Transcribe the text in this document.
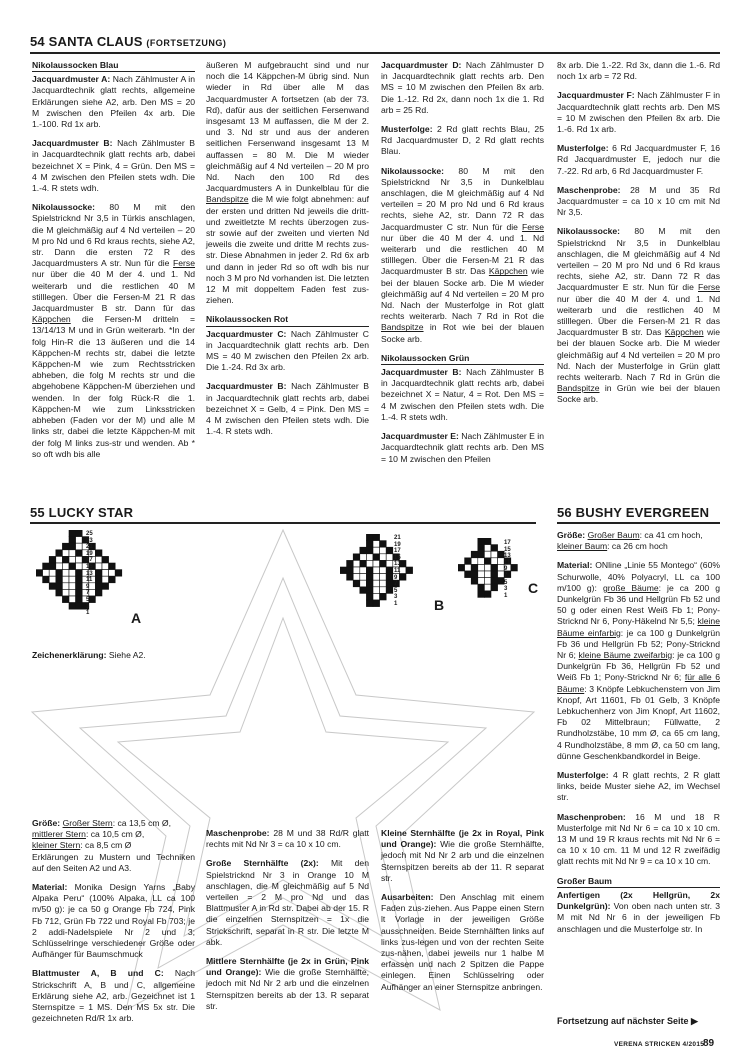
54 SANTA CLAUS (FORTSETZUNG)
Nikolaussocken Blau

Jacquardmuster A: Nach Zählmuster A in Jacquardtechnik glatt rechts, allgemeine Erklärungen siehe A2, arb. Den MS = 20 M zwischen den Pfeilen 4x arb. Die 1.-100. Rd 1x arb.

Jacquardmuster B: Nach Zählmuster B in Jacquardtechnik glatt rechts arb, dabei bezeichnet X = Pink, 4 = Grün. Den MS = 4 M zwischen den Pfeilen stets wdh. Die 1.-4. R stets wdh.

Nikolaussocke: 80 M mit den Spielstricknd Nr 3,5 in Türkis anschlagen, die M gleichmäßig auf 4 Nd verteilen – 20 M pro Nd und 6 Rd kraus rechts, siehe A2, str. Dann die ersten 72 R des Jacquardmusters A str. Nun für die Ferse nur über die 40 M der 4. und 1. Nd weiterarb und die restlichen 40 M stilllegen. Über die Fersen-M 21 R das Jacquardmuster B str. Dann für das Käppchen die Fersen-M dritteln = 13/14/13 M und in Grün weiterarb. *In der folg Hin-R die 13 äußeren und die 14 Käppchen-M rechts str, dabei die letzte Käppchen-M wie zum Rechtsstricken abheben, die folg M rechts str und die abgehobene Käppchen-M überziehen und wenden. In der folg Rück-R die 1. Käppchen-M wie zum Linksstricken abheben (Faden vor der M) und alle M links str, dabei die letzte Käppchen-M mit der folg M links zus-str und wenden. Ab * so oft wdh bis alle

äußeren M aufgebraucht sind und nur noch die 14 Käppchen-M übrig sind. Nun wieder in Rd über alle M das Jacquardmuster A fortsetzen (ab der 73. Rd), dafür aus der seitlichen Fersenwand insgesamt 13 M auffassen, die M der 2. und 3. Nd str und aus der anderen seitlichen Fersenwand insgesamt 13 M auffassen = 80 M. Die M wieder gleichmäßig auf 4 Nd verteilen – 20 M pro Nd. Nach den 100 Rd des Jacquardmusters A in Dunkelblau für die Bandspitze die M wie folgt abnehmen: auf der ersten und dritten Nd jeweils die dritt- und zweitletzte M rechts überzogen zus-str sowie auf der zweiten und vierten Nd jeweils die zweite und dritte M rechts zus-str. Diese Abnahmen in jeder 2. Rd 6x arb und dann in jeder Rd so oft wdh bis nur noch 3 M pro Nd vorhanden ist. Die letzten 12 M mit doppeltem Faden fest zus-ziehen.

Nikolaussocken Rot

Jacquardmuster C: Nach Zählmuster C in Jacquardtechnik glatt rechts arb. Den MS = 40 M zwischen den Pfeilen 2x arb. Die 1.-24. Rd 3x arb.

Jacquardmuster B: Nach Zählmuster B in Jacquardtechnik glatt rechts arb, dabei bezeichnet X = Gelb, 4 = Pink. Den MS = 4 M zwischen den Pfeilen stets wdh. Die 1.-4. R stets wdh.

Jacquardmuster D: Nach Zählmuster D in Jacquardtechnik glatt rechts arb. Den MS = 10 M zwischen den Pfeilen 8x arb. Die 1.-12. Rd 2x, dann noch 1x die 1. Rd arb = 25 Rd.

Musterfolge: 2 Rd glatt rechts Blau, 25 Rd Jacquardmuster D, 2 Rd glatt rechts Blau.

Nikolaussocke: 80 M mit den Spielstricknd Nr 3,5 in Dunkelblau anschlagen, die M gleichmäßig auf 4 Nd verteilen = 20 M pro Nd und 6 Rd kraus rechts, siehe A2, str. Dann 72 R das Jacquardmuster C str. Nun für die Ferse nur über die 40 M der 4. und 1. Nd weiterarb und die restlichen 40 M stilllegen. Über die Fersen-M 21 R das Jacquardmuster B str. Das Käppchen wie bei der blauen Socke arb. Die M wieder gleichmäßig auf 4 Nd verteilen = 20 M pro Nd. Nach der Musterfolge in Rot glatt rechts weiterarb. Nach 7 Rd in Rot die Bandspitze in Rot wie bei der blauen Socke arb.

Nikolaussocken Grün

Jacquardmuster B: Nach Zählmuster B in Jacquardtechnik glatt rechts arb, dabei bezeichnet X = Natur, 4 = Rot. Den MS = 4 M zwischen den Pfeilen stets wdh. Die 1.-4. R stets wdh.

Jacquardmuster E: Nach Zählmuster E in Jacquardtechnik glatt rechts arb. Den MS = 10 M zwischen den Pfeilen

8x arb. Die 1.-22. Rd 3x, dann die 1.-6. Rd noch 1x arb = 72 Rd.

Jacquardmuster F: Nach Zählmuster F in Jacquardtechnik glatt rechts arb. Den MS = 10 M zwischen den Pfeilen 8x arb. Die 1.-6. Rd 1x arb.

Musterfolge: 6 Rd Jacquardmuster F, 16 Rd Jacquardmuster E, jedoch nur die 7.-22. Rd arb, 6 Rd Jacquardmuster F.

Maschenprobe: 28 M und 35 Rd Jacquardmuster = ca 10 x 10 cm mit Nd Nr 3,5.

Nikolaussocke: 80 M mit den Spielstricknd Nr 3,5 in Dunkelblau anschlagen, die M gleichmäßig auf 4 Nd verteilen – 20 M pro Nd und 6 Rd kraus rechts, siehe A2, str. Dann 72 R das Jacquardmuster E str. Nun für die Ferse nur über die 40 M der 4. und 1. Nd weiterarb und die restlichen 40 M stilllegen. Über die Fersen-M 21 R das Jacquardmuster B str. Das Käppchen wie bei der blauen Socke arb. Die M wieder gleichmäßig auf 4 Nd verteilen = 20 M pro Nd. Nach der Musterfolge in Grün glatt rechts weiterarb. Nach 7 Rd in Grün die Bandspitze in Grün wie bei der blauen Socke arb.

55 LUCKY STAR	56 BUSHY EVERGREEN
25
23
21
19
17
15
13
11
9
7
5
3
1	A
21
19
17
15
13
11
9
7
5
3
1	B
17
15
13
11
9
7
5
3
1 C
Zeichenerklärung: Siehe A2.

Größe: Großer Stern: ca 13,5 cm Ø,
mittlerer Stern: ca 10,5 cm Ø,
kleiner Stern: ca 8,5 cm Ø
Erklärungen zu Mustern und Techniken auf den Seiten A2 und A3.

Material: Monika Design Yarns „Baby Alpaka Peru“ (100% Alpaka, LL ca 100 m/50 g): je ca 50 g Orange Fb 724, Pink Fb 712, Grün Fb 722 und Royal Fb 703; je 2 addi-Nadelspiele Nr 2 und 3; Schlüsselringe verschiedener Größe oder Aufhänger für Baumschmuck

Blattmuster A, B und C: Nach Strickschrift A, B und C, allgemeine Erklärung siehe A2, arb. Gezeichnet ist 1 Sternspitze = 1 MS. Den MS 5x str. Die gezeichneten Rd/R 1x arb.

Maschenprobe: 28 M und 38 Rd/R glatt rechts mit Nd Nr 3 = ca 10 x 10 cm.

Große Sternhälfte (2x): Mit den Spielstricknd Nr 3 in Orange 10 M anschlagen, die M gleichmäßig auf 5 Nd verteilen = 2 M pro Nd und das Blattmuster A in Rd str. Dabei ab der 15. R die einzelnen Sternspitzen = 1x die Strickschrift, separat in R str. Die letzte M abk.

Mittlere Sternhälfte (je 2x in Grün, Pink und Orange): Wie die große Sternhälfte, jedoch mit Nd Nr 2 arb und die einzelnen Sternspitzen bereits ab der 13. R separat str.

Kleine Sternhälfte (je 2x in Royal, Pink und Orange): Wie die große Sternhälfte, jedoch mit Nd Nr 2 arb und die einzelnen Sternspitzen bereits ab der 11. R separat str.

Ausarbeiten: Den Anschlag mit einem Faden zus-ziehen. Aus Pappe einen Stern lt Vorlage in der jeweiligen Größe ausschneiden. Beide Sternhälften links auf links zus-legen und von der rechten Seite zus-nähen, dabei jeweils nur 1 halbe M erfassen und nach 2 Spitzen die Pappe einlegen. Einen Schlüsselring oder Aufhänger an einer Sternspitze anbringen.

Größe: Großer Baum: ca 41 cm hoch,
kleiner Baum: ca 26 cm hoch

Material: ONline „Linie 55 Montego“ (60% Schurwolle, 40% Polyacryl, LL ca 100 m/100 g): große Bäume: je ca 200 g Dunkelgrün Fb 36 und Hellgrün Fb 52 und 50 g oder einen Rest Weiß Fb 1; Pony-Stricknd Nr 6, Pony-Häkelnd Nr 5,5; kleine Bäume einfarbig: je ca 100 g Dunkelgrün Fb 36 und Hellgrün Fb 52; Pony-Stricknd Nr 6; kleine Bäume zweifarbig: je ca 100 g Dunkelgrün Fb 36, Hellgrün Fb 52 und Weiß Fb 1; Pony-Stricknd Nr 6; für alle 6 Bäume: 3 Knöpfe Lebkuchenstern von Jim Knopf, Art 11601, Fb 01 Gelb, 3 Knöpfe Lebkuchenherz von Jim Knopf, Art 11602, Fb 02 Mittelbraun; Füllwatte, 2 Rundholzstäbe, 10 mm Ø, ca 65 cm lang, 4 Rundholzstäbe, 8 mm Ø, ca 50 cm lang, dünne Geschenkbandkordel in Beige.

Musterfolge: 4 R glatt rechts, 2 R glatt links, beide Muster siehe A2, im Wechsel str.

Maschenproben: 16 M und 18 R Musterfolge mit Nd Nr 6 = ca 10 x 10 cm. 13 M und 19 R kraus rechts mit Nd Nr 6 = ca 10 x 10 cm. 11 M und 12 R zweifädig glatt rechts mit Nd Nr 9 = ca 10 x 10 cm.

Großer Baum

Anfertigen (2x Hellgrün, 2x Dunkelgrün): Von oben nach unten str. 3 M mit Nd Nr 6 in der jeweiligen Fb anschlagen und die Musterfolge str. In

Fortsetzung auf nächster Seite ▶
VERENA STRICKEN 4/2015
89
